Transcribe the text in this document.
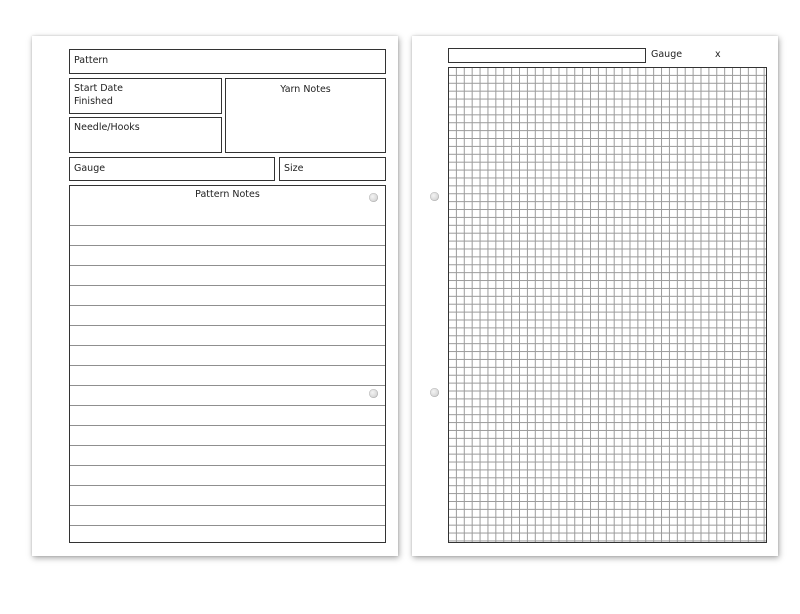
Pattern
Start Date
Finished
Yarn Notes
Needle/Hooks
Gauge	Size
Pattern Notes
Gauge	x
